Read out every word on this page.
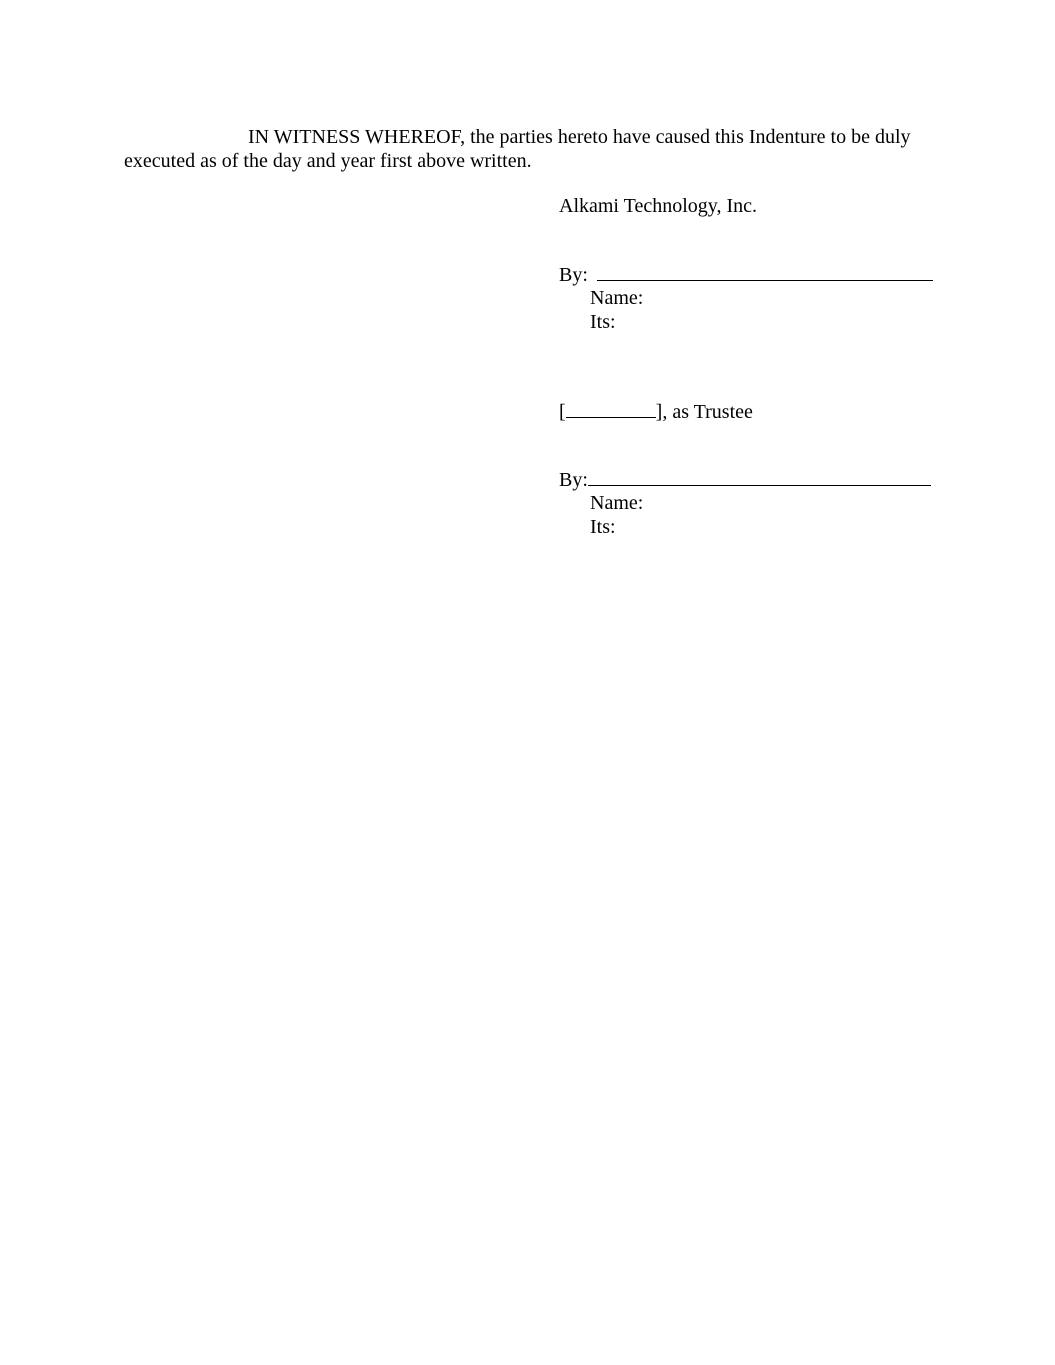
IN WITNESS WHEREOF, the parties hereto have caused this Indenture to be duly
executed as of the day and year first above written.
Alkami Technology, Inc.
By:
Name:
Its:
[	], as Trustee
By:
Name:
Its:
